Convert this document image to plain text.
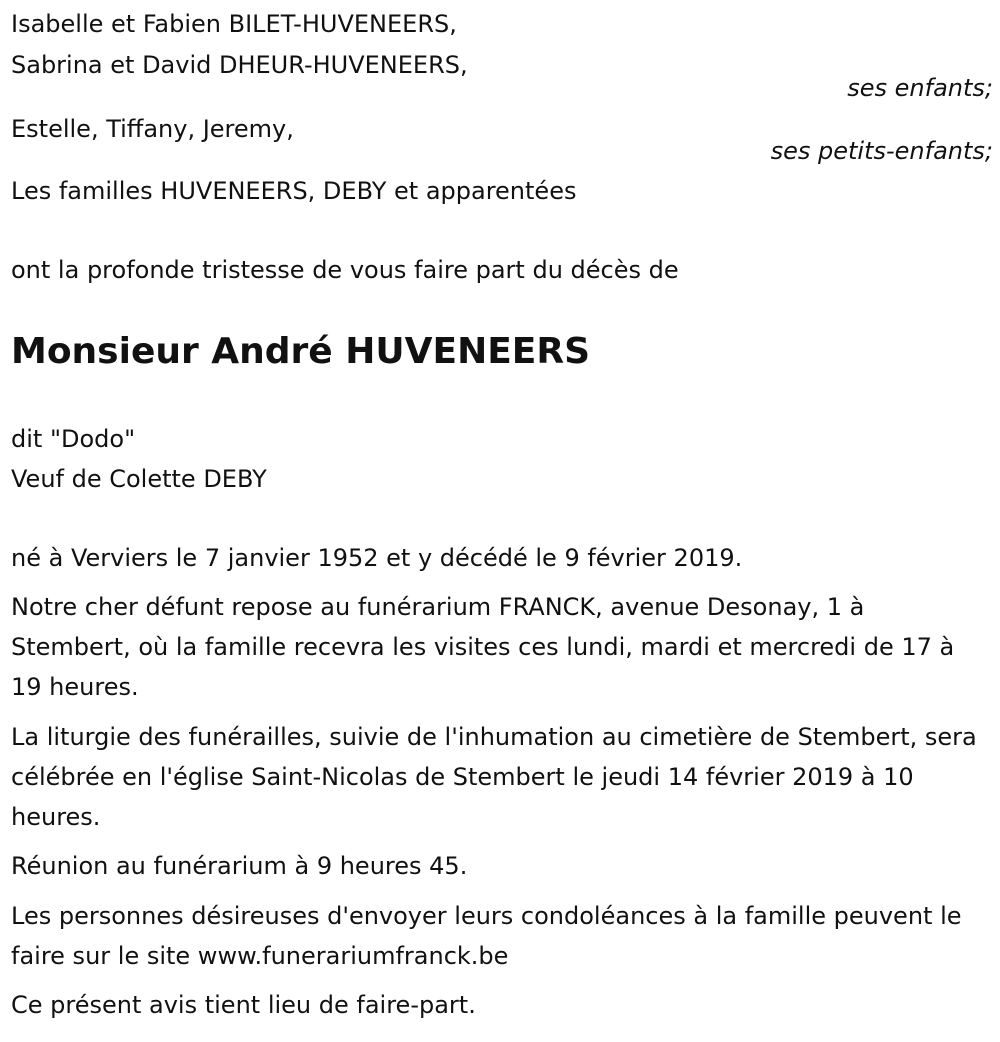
Isabelle et Fabien BILET-HUVENEERS,

Sabrina et David DHEUR-HUVENEERS,

ses enfants;

Estelle, Tiffany, Jeremy,

ses petits-enfants;

Les familles HUVENEERS, DEBY et apparentées

ont la profonde tristesse de vous faire part du décès de

Monsieur André HUVENEERS

dit "Dodo"

Veuf de Colette DEBY

né à Verviers le 7 janvier 1952 et y décédé le 9 février 2019.

Notre cher défunt repose au funérarium FRANCK, avenue Desonay, 1 à Stembert, où la famille recevra les visites ces lundi, mardi et mercredi de 17 à 19 heures.

La liturgie des funérailles, suivie de l'inhumation au cimetière de Stembert, sera célébrée en l'église Saint-Nicolas de Stembert le jeudi 14 février 2019 à 10 heures.

Réunion au funérarium à 9 heures 45.

Les personnes désireuses d'envoyer leurs condoléances à la famille peuvent le faire sur le site www.funerariumfranck.be

Ce présent avis tient lieu de faire-part.
